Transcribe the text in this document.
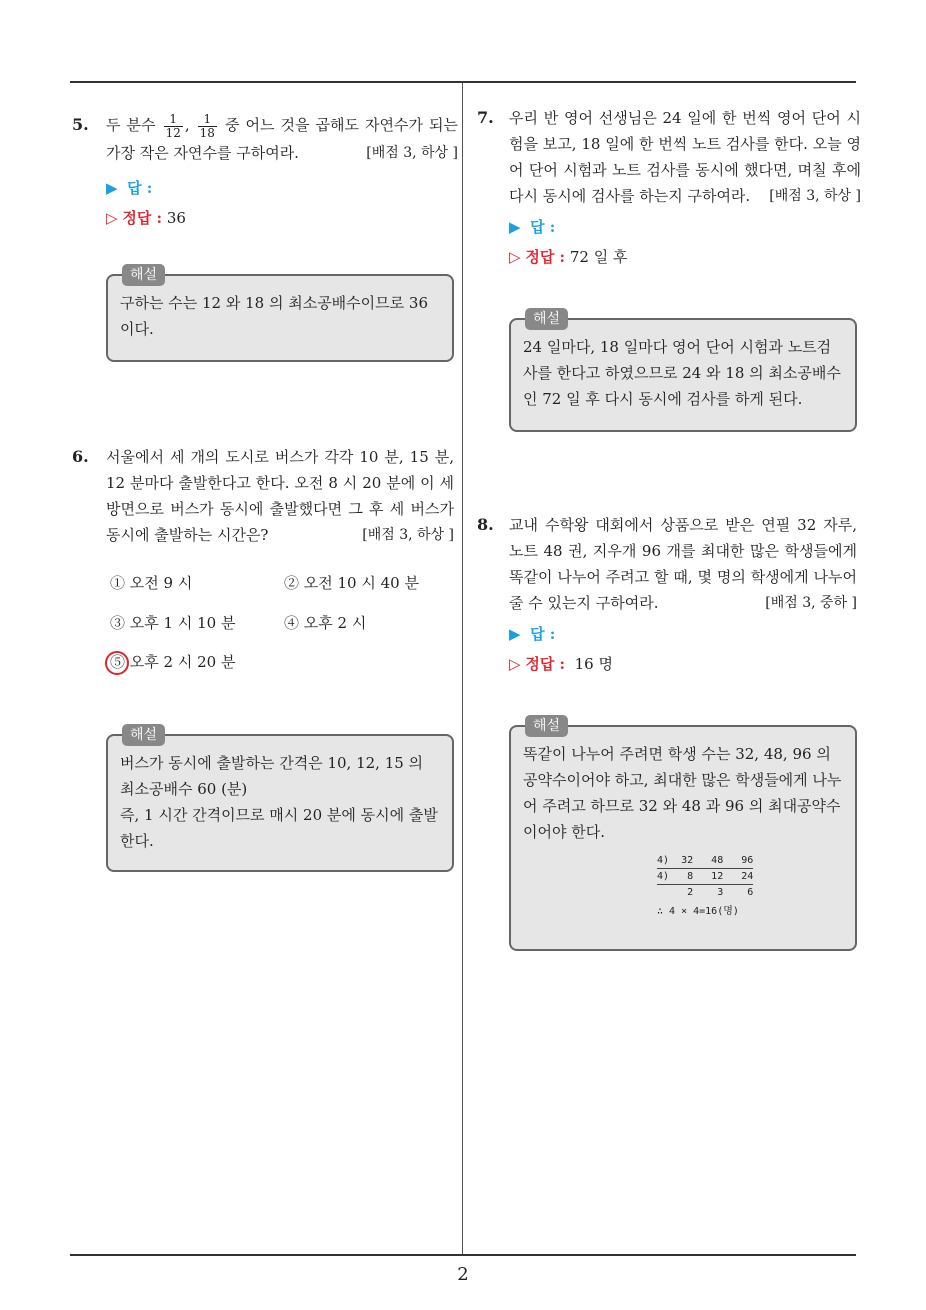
2
5. 두 분수 $\frac{1}{12}$ , $\frac{1}{18}$ 중 어느 것을 곱해도 자연수가 되는 가장 작은 자연수를 구하여라.	[배점 3, 하상 ]
▶ 답 :
▷ 정답 : 36
해설
구하는 수는 12 와 18 의 최소공배수이므로 36 이다.
6. 서울에서 세 개의 도시로 버스가 각각 10 분, 15 분, 12 분마다 출발한다고 한다. 오전 8 시 20 분에 이 세 방면으로 버스가 동시에 출발했다면 그 후 세 버스가 동시에 출발하는 시간은?	[배점 3, 하상 ]
① 오전 9 시	② 오전 10 시 40 분
③ 오후 1 시 10 분	④ 오후 2 시
⑤ 오후 2 시 20 분
해설
버스가 동시에 출발하는 간격은 10, 12, 15 의 최소공배수 60 (분)
즉, 1 시간 간격이므로 매시 20 분에 동시에 출발한다.
7. 우리 반 영어 선생님은 24 일에 한 번씩 영어 단어 시험을 보고, 18 일에 한 번씩 노트 검사를 한다. 오늘 영어 단어 시험과 노트 검사를 동시에 했다면, 며칠 후에 다시 동시에 검사를 하는지 구하여라. [배점 3, 하상 ]
▶ 답 :
▷ 정답 : 72 일 후
해설
24 일마다, 18 일마다 영어 단어 시험과 노트검사를 한다고 하였으므로 24 와 18 의 최소공배수인 72 일 후 다시 동시에 검사를 하게 된다.
8. 교내 수학왕 대회에서 상품으로 받은 연필 32 자루, 노트 48 권, 지우개 96 개를 최대한 많은 학생들에게 똑같이 나누어 주려고 할 때, 몇 명의 학생에게 나누어 줄 수 있는지 구하여라.	[배점 3, 중하 ]
▶ 답 :
▷ 정답 : 16 명
해설
똑같이 나누어 주려면 학생 수는 32, 48, 96 의 공약수이어야 하고, 최대한 많은 학생들에게 나누어 주려고 하므로 32 와 48 과 96 의 최대공약수이어야 한다.
4)  32   48   96
4)   8   12   24
2    3    6
∴ 4 × 4=16(명)
